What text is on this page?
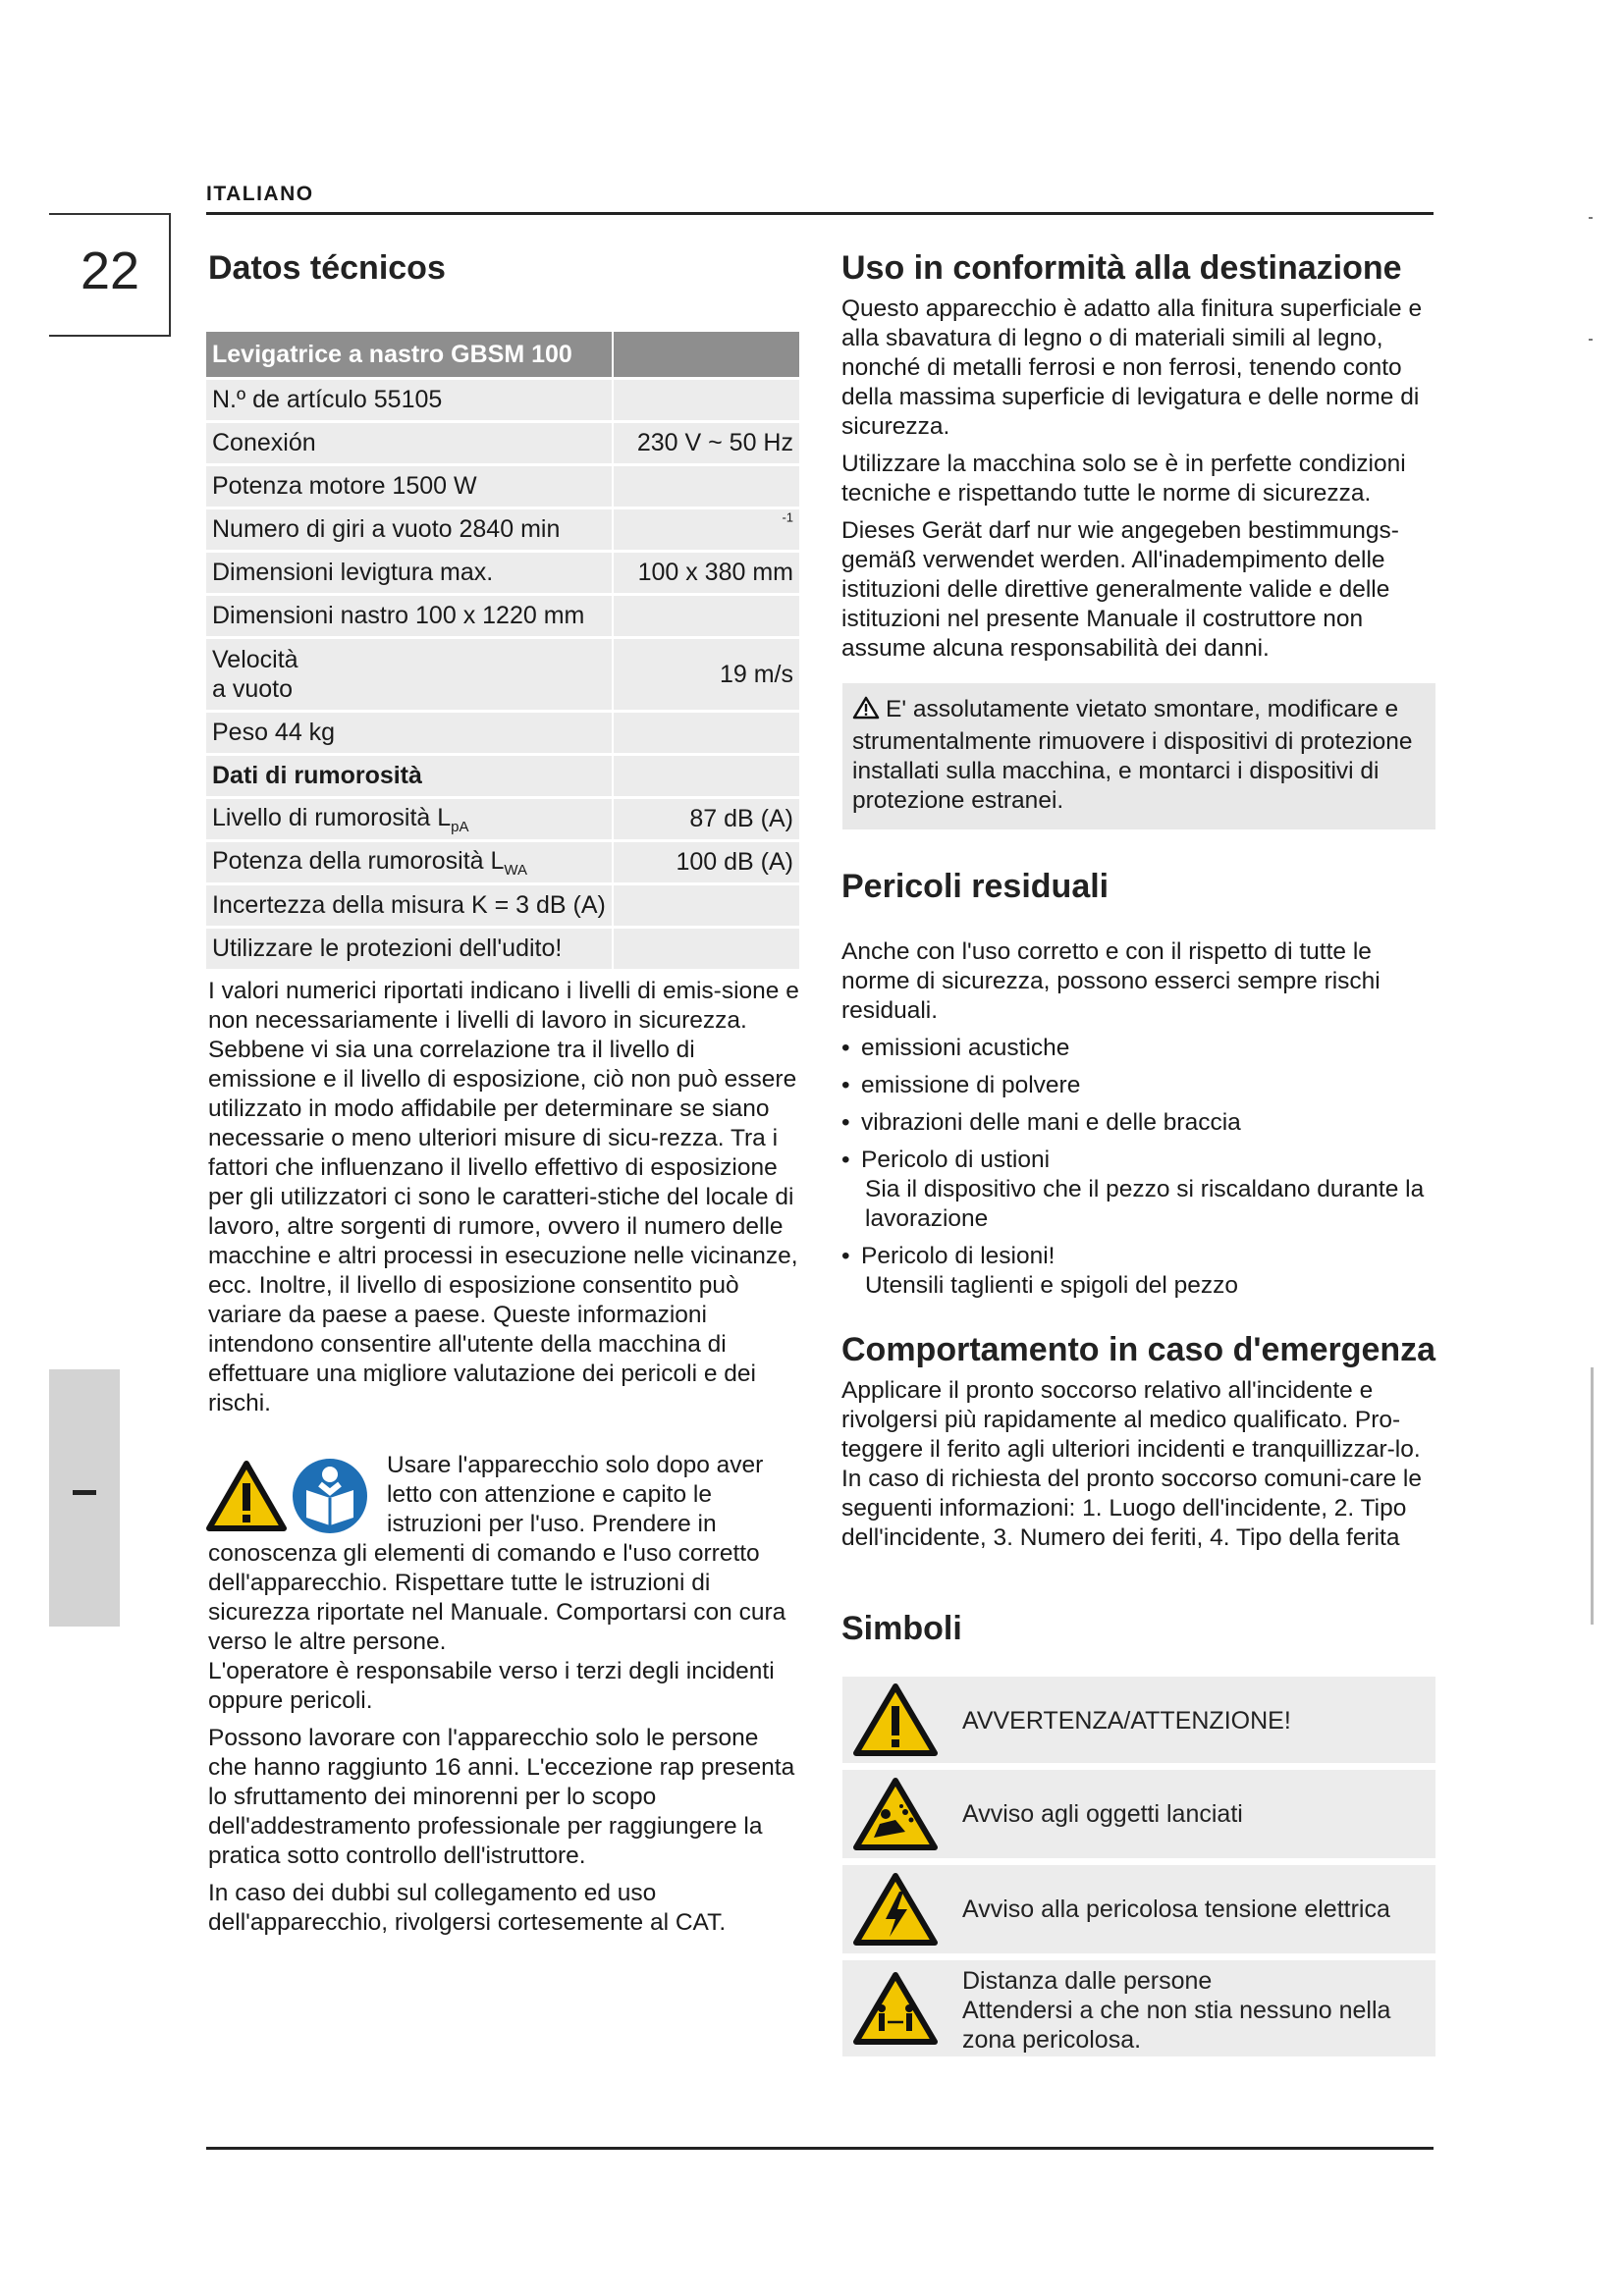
ITALIANO
22	Datos técnicos
Levigatrice a nastro GBSM 100	
N.º de artículo 55105	
Conexión	230 V ~ 50 Hz
Potenza motore 1500 W	
Numero di giri a vuoto 2840 min	$^{-1}$
Dimensioni levigtura max.	100 x 380 mm
Dimensioni nastro 100 x 1220 mm	

Velocità
a vuoto	19 m/s
Peso 44 kg	
Dati di rumorosità	
Livello di rumorosità $L_{pA}$	87 dB (A)
Potenza della rumorosità $L_{WA}$	100 dB (A)
Incertezza della misura K = 3 dB (A)	
Utilizzare le protezioni dell'udito!	
I valori numerici riportati indicano i livelli di emis-sione e non necessariamente i livelli di lavoro in sicurezza. Sebbene vi sia una correlazione tra il livello di emissione e il livello di esposizione, ciò non può essere utilizzato in modo affidabile per determinare se siano necessarie o meno ulteriori misure di sicu-rezza. Tra i fattori che influenzano il livello effettivo di esposizione per gli utilizzatori ci sono le caratteri-stiche del locale di lavoro, altre sorgenti di rumore, ovvero il numero delle macchine e altri processi in esecuzione nelle vicinanze, ecc. Inoltre, il livello di esposizione consentito può variare da paese a paese. Queste informazioni intendono consentire all'utente della macchina di effettuare una migliore valutazione dei pericoli e dei rischi.
Usare l'apparecchio solo dopo aver
letto con attenzione e capito le
istruzioni per l'uso. Prendere in

conoscenza gli elementi di comando e l'uso corretto dell'apparecchio. Rispettare tutte le istruzioni di sicurezza riportate nel Manuale. Comportarsi con cura verso le altre persone.

L'operatore è responsabile verso i terzi degli incidenti oppure pericoli.

Possono lavorare con l'apparecchio solo le persone che hanno raggiunto 16 anni. L'eccezione rap presenta lo sfruttamento dei minorenni per lo scopo dell'addestramento professionale per raggiungere la pratica sotto controllo dell'istruttore.

In caso dei dubbi sul collegamento ed uso dell'apparecchio, rivolgersi cortesemente al CAT.

Uso in conformità alla destinazione

Questo apparecchio è adatto alla finitura superficiale e alla sbavatura di legno o di materiali simili al legno, nonché di metalli ferrosi e non ferrosi, tenendo conto della massima superficie di levigatura e delle norme di sicurezza.

Utilizzare la macchina solo se è in perfette condizioni tecniche e rispettando tutte le norme di sicurezza.

Dieses Gerät darf nur wie angegeben bestimmungs-gemäß verwendet werden. All'inadempimento delle istituzioni delle direttive generalmente valide e delle istituzioni nel presente Manuale il costruttore non assume alcuna responsabilità dei danni.

E' assolutamente vietato smontare, modificare e strumentalmente rimuovere i dispositivi di protezione installati sulla macchina, e montarci i dispositivi di protezione estranei.
Pericoli residuali

Anche con l'uso corretto e con il rispetto di tutte le norme di sicurezza, possono esserci sempre rischi residuali.

• emissioni acustiche
• emissione di polvere
• vibrazioni delle mani e delle braccia
• Pericolo di ustioni
Sia il dispositivo che il pezzo si riscaldano durante la lavorazione
• Pericolo di lesioni!
Utensili taglienti e spigoli del pezzo
Comportamento in caso d'emergenza
Applicare il pronto soccorso relativo all'incidente e rivolgersi più rapidamente al medico qualificato. Pro-teggere il ferito agli ulteriori incidenti e tranquillizzar-lo. In caso di richiesta del pronto soccorso comuni-care le seguenti informazioni: 1. Luogo dell'incidente, 2. Tipo dell'incidente, 3. Numero dei feriti, 4. Tipo della ferita
Simboli
AVVERTENZA/ATTENZIONE!
Avviso agli oggetti lanciati
Avviso alla pericolosa tensione elettrica
Distanza dalle persone
Attendersi a che non stia nessuno nella zona pericolosa.
